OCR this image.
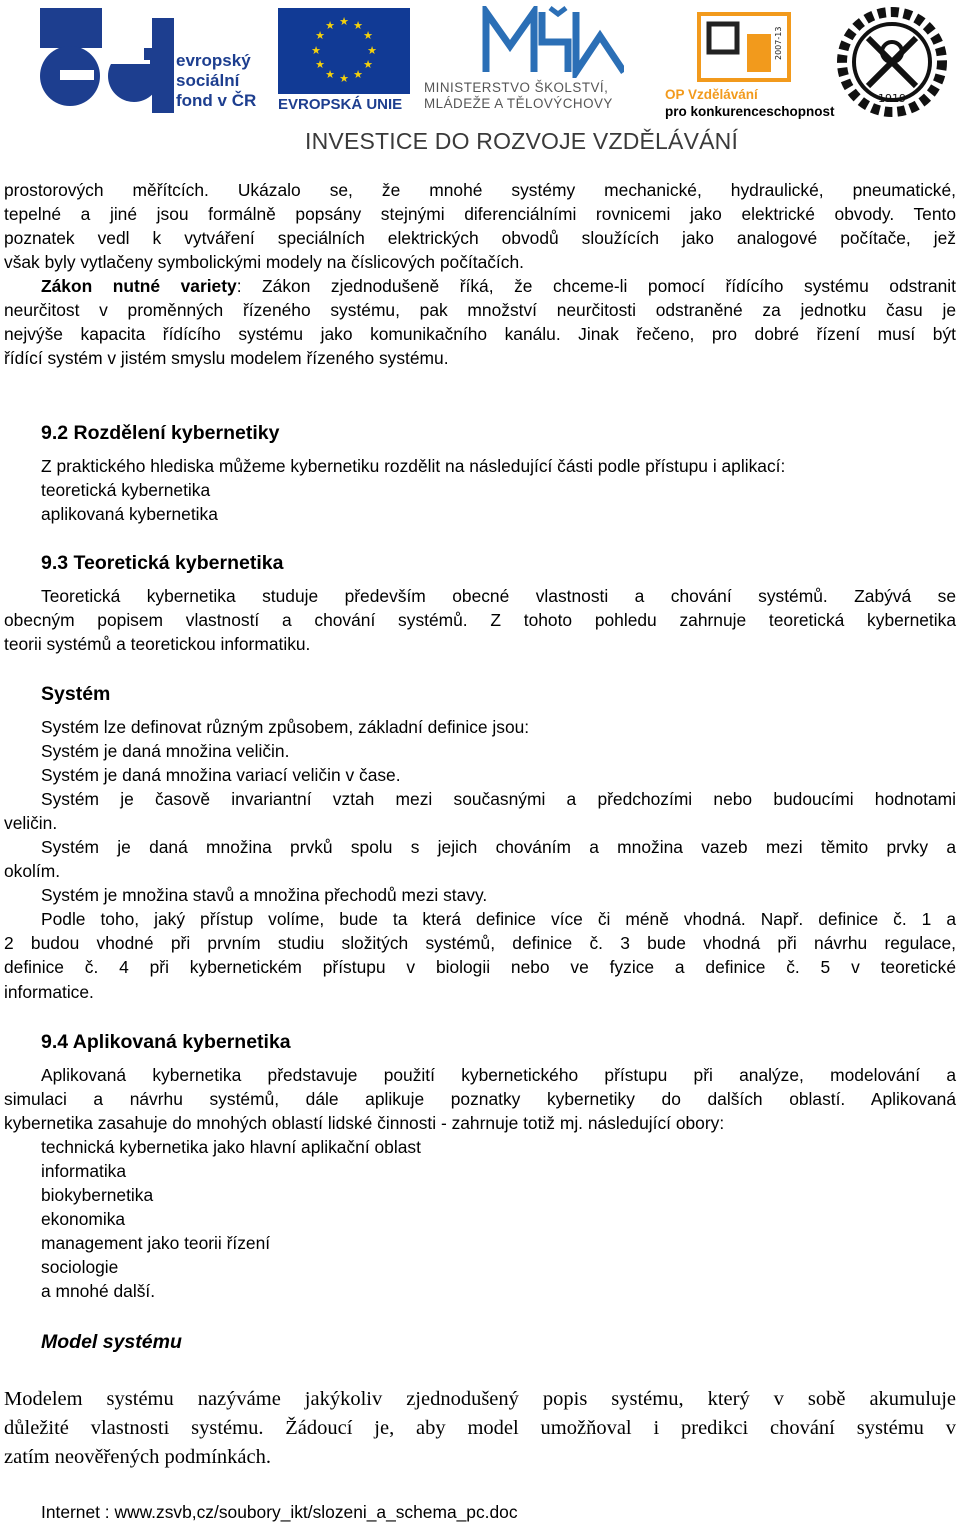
evropský
sociální
fond v ČR
★ ★
★
★
★
★
★
★
★
★
★
★
EVROPSKÁ UNIE
MINISTERSTVO ŠKOLSTVÍ,
MLÁDEŽE A TĚLOVÝCHOVY
2007-13
OP Vzdělávání
pro konkurenceschopnost
1919
INVESTICE DO ROZVOJE VZDĚLÁVÁNÍ
prostorových měřítcích. Ukázalo se, že mnohé systémy mechanické, hydraulické, pneumatické,
tepelné a jiné jsou formálně popsány stejnými diferenciálními rovnicemi jako elektrické obvody. Tento
poznatek vedl k vytváření speciálních elektrických obvodů sloužících jako analogové počítače, jež
však byly vytlačeny symbolickými modely na číslicových počítačích.
Zákon nutné variety: Zákon zjednodušeně říká, že chceme-li pomocí řídícího systému odstranit
neurčitost v proměnných řízeného systému, pak množství neurčitosti odstraněné za jednotku času je
nejvýše kapacita řídícího systému jako komunikačního kanálu. Jinak řečeno, pro dobré řízení musí být
řídící systém v jistém smyslu modelem řízeného systému.
9.2 Rozdělení kybernetiky
Z praktického hlediska můžeme kybernetiku rozdělit na následující části podle přístupu i aplikací:
teoretická kybernetika
aplikovaná kybernetika
9.3 Teoretická kybernetika
Teoretická kybernetika studuje především obecné vlastnosti a chování systémů. Zabývá se
obecným popisem vlastností a chování systémů. Z tohoto pohledu zahrnuje teoretická kybernetika
teorii systémů a teoretickou informatiku.
Systém
Systém lze definovat různým způsobem, základní definice jsou:
Systém je daná množina veličin.
Systém je daná množina variací veličin v čase.
Systém je časově invariantní vztah mezi současnými a předchozími nebo budoucími hodnotami
veličin.
Systém je daná množina prvků spolu s jejich chováním a množina vazeb mezi těmito prvky a
okolím.
Systém je množina stavů a množina přechodů mezi stavy.
Podle toho, jaký přístup volíme, bude ta která definice více či méně vhodná. Např. definice č. 1 a
2 budou vhodné při prvním studiu složitých systémů, definice č. 3 bude vhodná při návrhu regulace,
definice č. 4 při kybernetickém přístupu v biologii nebo ve fyzice a definice č. 5 v teoretické
informatice.
9.4 Aplikovaná kybernetika
Aplikovaná kybernetika představuje použití kybernetického přístupu při analýze, modelování a
simulaci a návrhu systémů, dále aplikuje poznatky kybernetiky do dalších oblastí. Aplikovaná
kybernetika zasahuje do mnohých oblastí lidské činnosti - zahrnuje totiž mj. následující obory:
technická kybernetika jako hlavní aplikační oblast
informatika
biokybernetika
ekonomika
management jako teorii řízení
sociologie
a mnohé další.
Model systému
Modelem systému nazýváme jakýkoliv zjednodušený popis systému, který v sobě akumuluje
důležité vlastnosti systému. Žádoucí je, aby model umožňoval i predikci chování systému v
zatím neověřených podmínkách.
Internet : www.zsvb,cz/soubory_ikt/slozeni_a_schema_pc.doc
